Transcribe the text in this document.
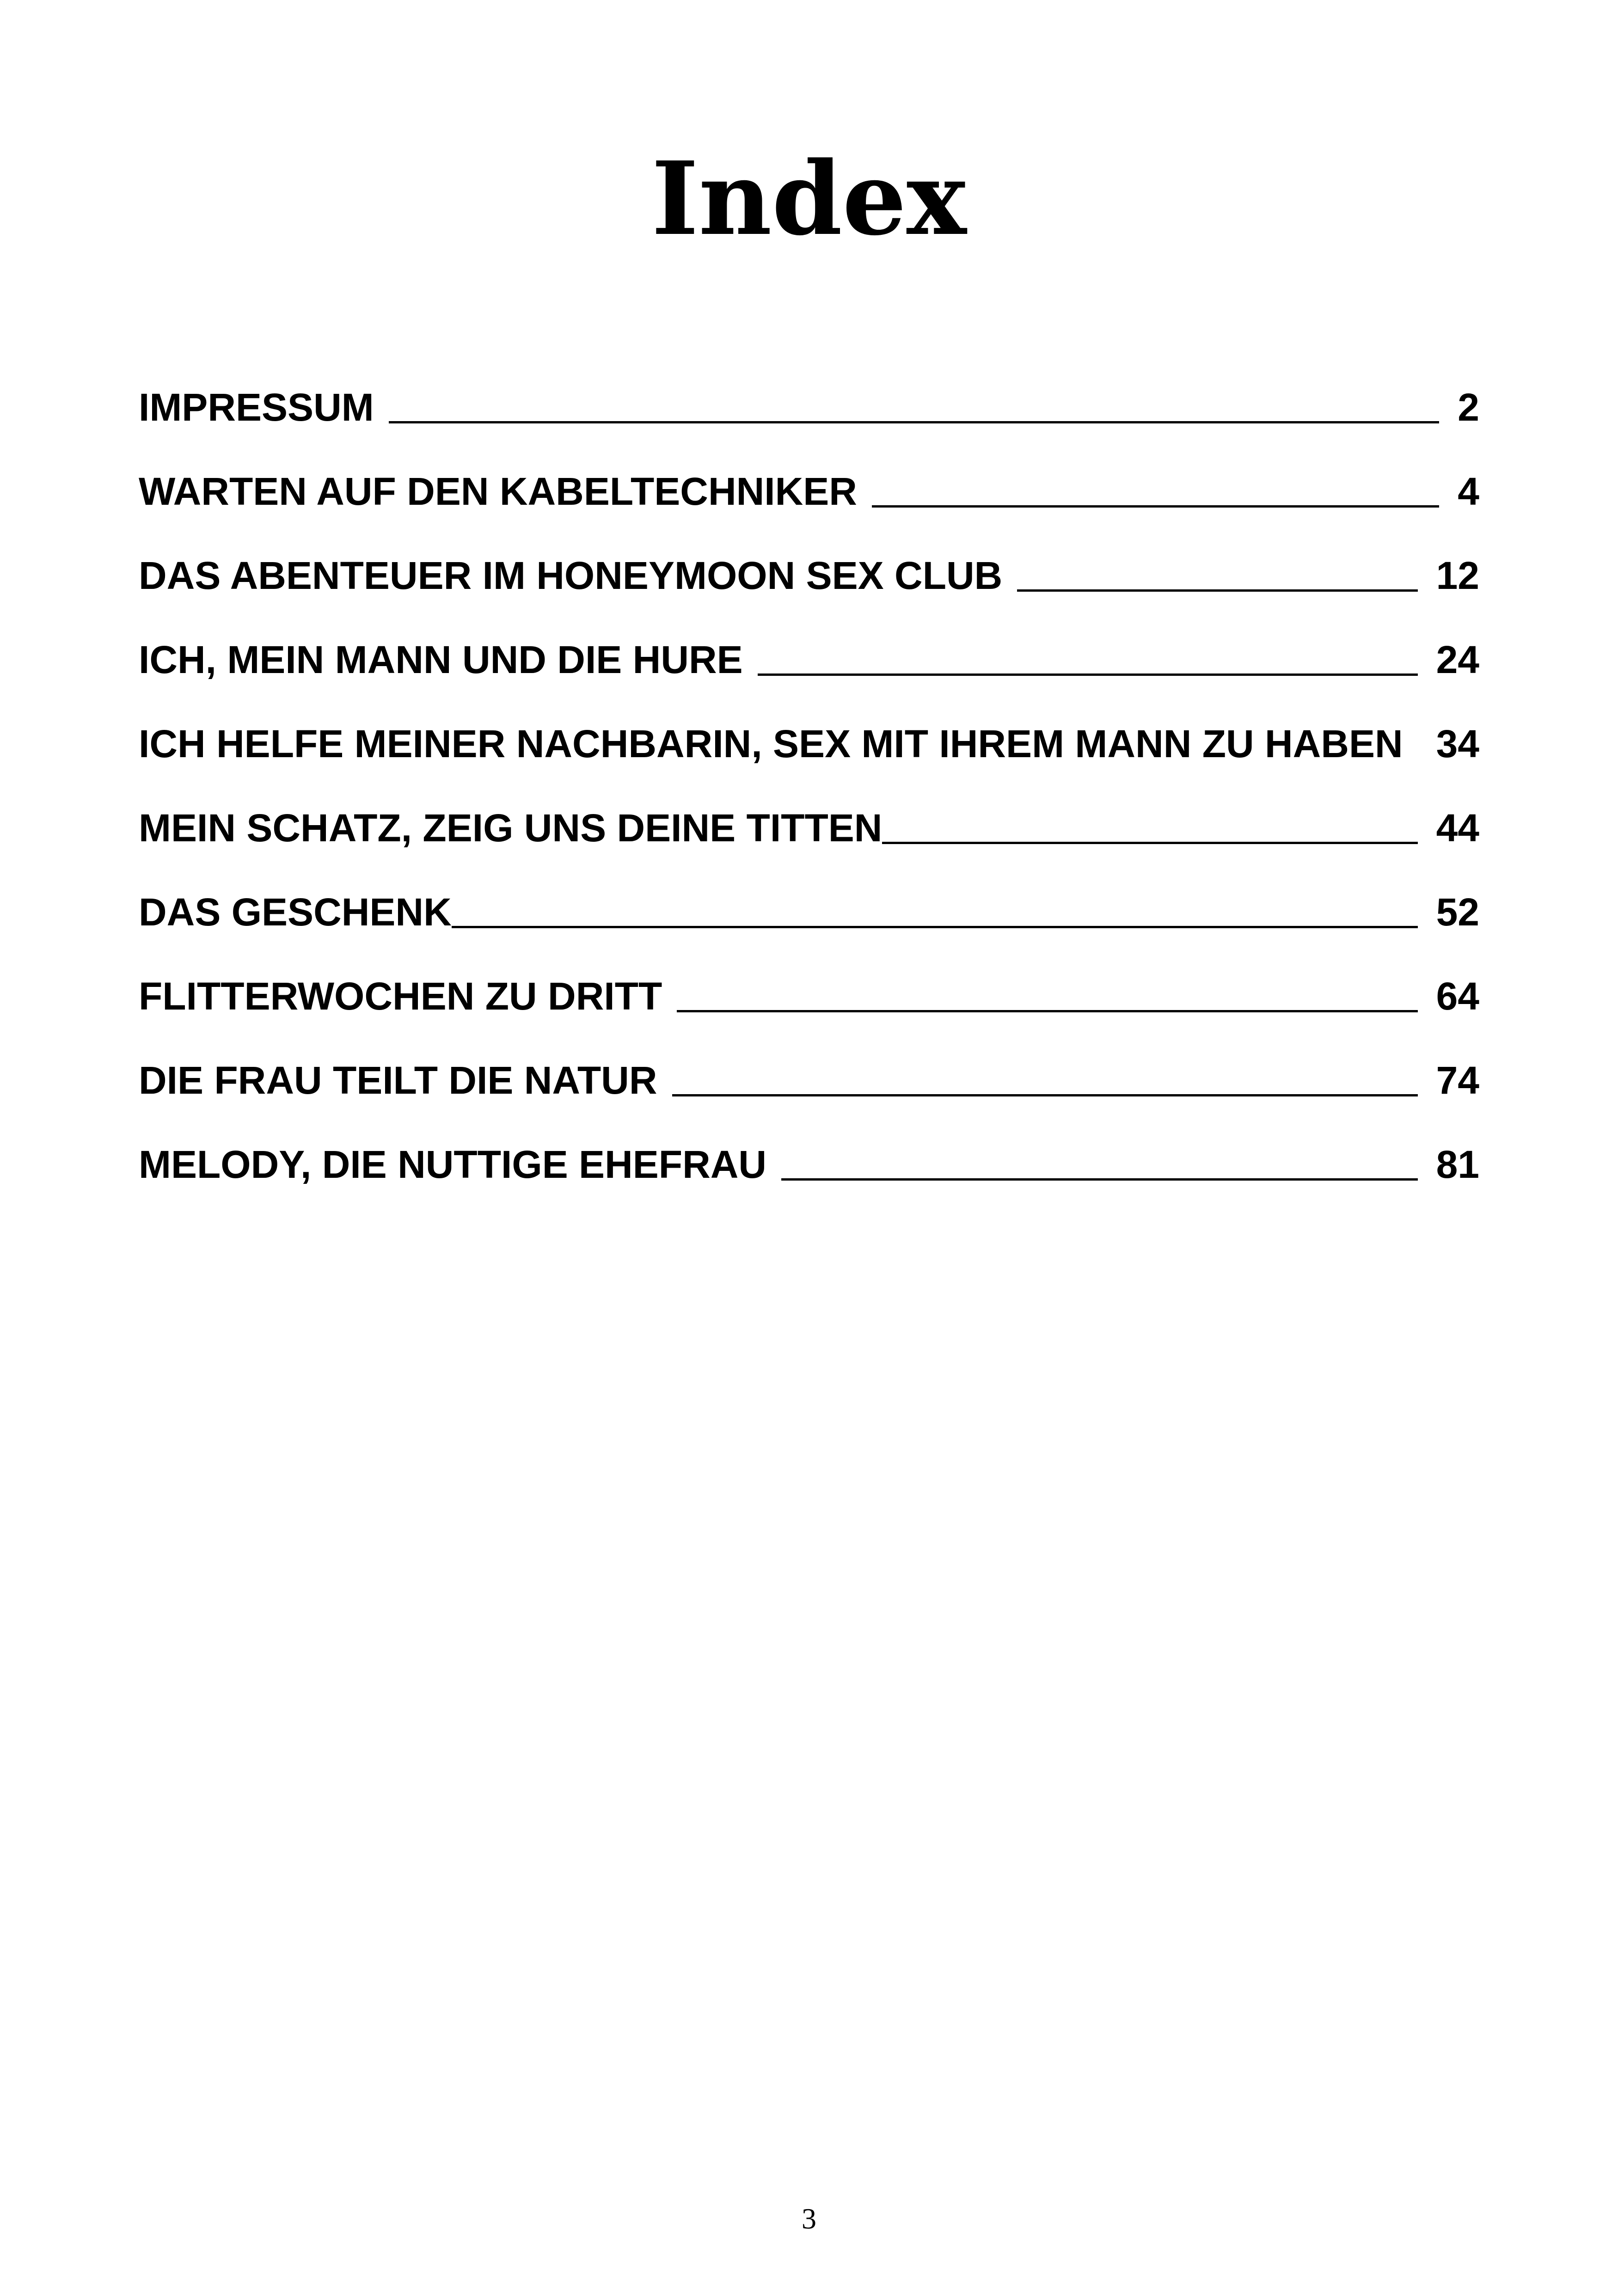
Index
IMPRESSUM	2
WARTEN AUF DEN KABELTECHNIKER	4
DAS ABENTEUER IM HONEYMOON SEX CLUB	12
ICH, MEIN MANN UND DIE HURE	24
ICH HELFE MEINER NACHBARIN, SEX MIT IHREM MANN ZU HABEN 34
MEIN SCHATZ, ZEIG UNS DEINE TITTEN	44
DAS GESCHENK	52
FLITTERWOCHEN ZU DRITT	64
DIE FRAU TEILT DIE NATUR	74
MELODY, DIE NUTTIGE EHEFRAU	81
3
